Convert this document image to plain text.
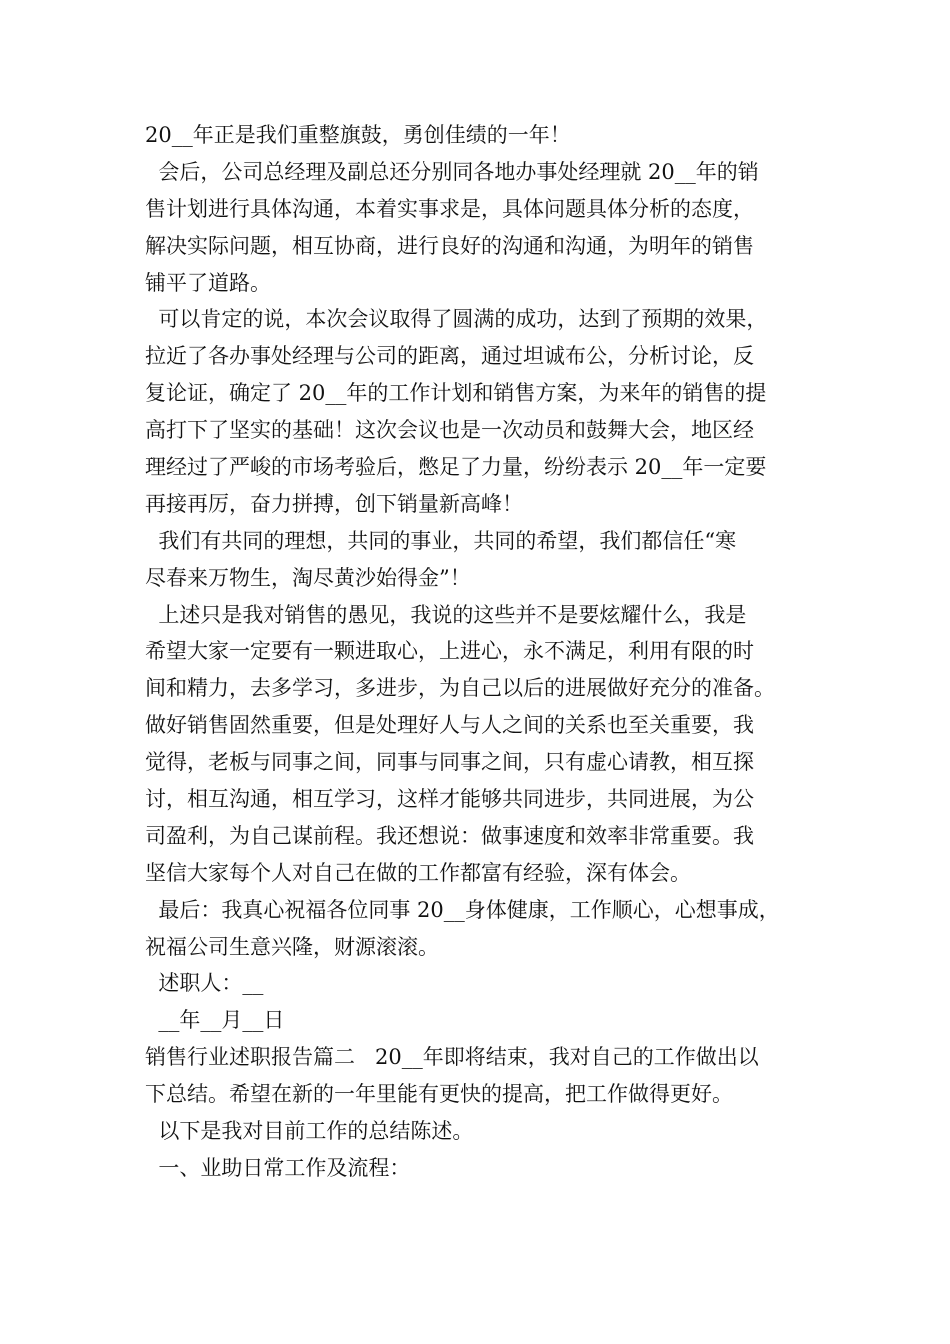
20__年正是我们重整旗鼓，勇创佳绩的一年！
会后，公司总经理及副总还分别同各地办事处经理就 20__年的销
售计划进行具体沟通，本着实事求是，具体问题具体分析的态度，
解决实际问题，相互协商，进行良好的沟通和沟通，为明年的销售
铺平了道路。
可以肯定的说，本次会议取得了圆满的成功，达到了预期的效果，
拉近了各办事处经理与公司的距离，通过坦诚布公，分析讨论，反
复论证，确定了 20__年的工作计划和销售方案，为来年的销售的提
高打下了坚实的基础！这次会议也是一次动员和鼓舞大会，地区经
理经过了严峻的市场考验后，憋足了力量，纷纷表示 20__年一定要
再接再厉，奋力拼搏，创下销量新高峰！
我们有共同的理想，共同的事业，共同的希望，我们都信任“寒
尽春来万物生，淘尽黄沙始得金”！
上述只是我对销售的愚见，我说的这些并不是要炫耀什么，我是
希望大家一定要有一颗进取心，上进心，永不满足，利用有限的时
间和精力，去多学习，多进步，为自己以后的进展做好充分的准备。
做好销售固然重要，但是处理好人与人之间的关系也至关重要，我
觉得，老板与同事之间，同事与同事之间，只有虚心请教，相互探
讨，相互沟通，相互学习，这样才能够共同进步，共同进展，为公
司盈利，为自己谋前程。我还想说：做事速度和效率非常重要。我
坚信大家每个人对自己在做的工作都富有经验，深有体会。
最后：我真心祝福各位同事 20__身体健康，工作顺心，心想事成，
祝福公司生意兴隆，财源滚滚。
述职人：__
__年__月__日
销售行业述职报告篇二   20__年即将结束，我对自己的工作做出以
下总结。希望在新的一年里能有更快的提高，把工作做得更好。
以下是我对目前工作的总结陈述。
一、业助日常工作及流程：
